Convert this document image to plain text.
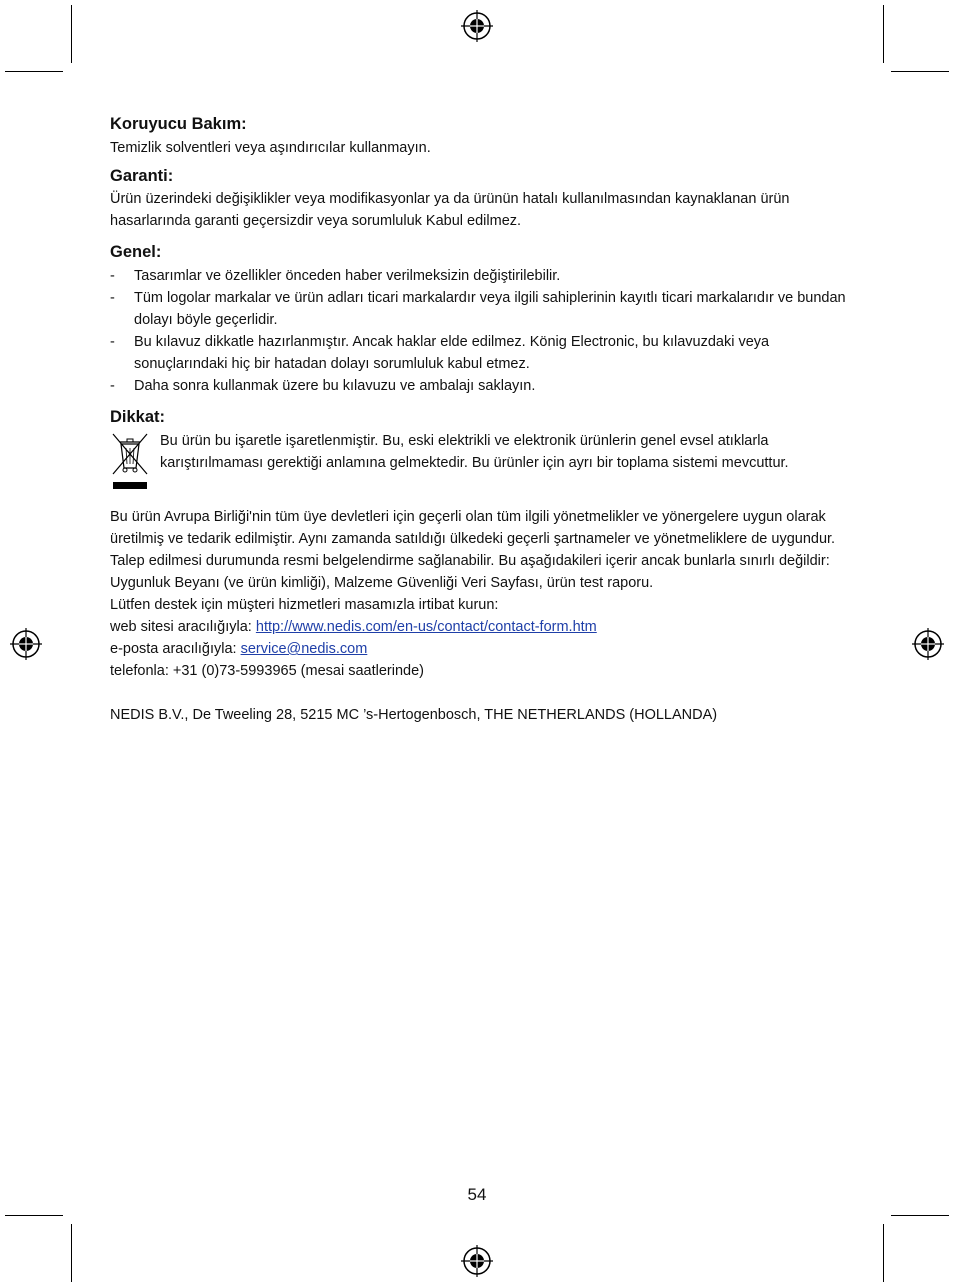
Koruyucu Bakım:

Temizlik solventleri veya aşındırıcılar kullanmayın.

Garanti:

Ürün üzerindeki değişiklikler veya modifikasyonlar ya da ürünün hatalı kullanılmasından kaynaklanan ürün hasarlarında garanti geçersizdir veya sorumluluk Kabul edilmez.

Genel:
- Tasarımlar ve özellikler önceden haber verilmeksizin değiştirilebilir.
- Tüm logolar markalar ve ürün adları ticari markalardır veya ilgili sahiplerinin kayıtlı ticari markalarıdır ve bundan dolayı böyle geçerlidir.
- Bu kılavuz dikkatle hazırlanmıştır. Ancak haklar elde edilmez. König Electronic, bu kılavuzdaki veya sonuçlarındaki hiç bir hatadan dolayı sorumluluk kabul etmez.
- Daha sonra kullanmak üzere bu kılavuzu ve ambalajı saklayın.
Dikkat:

Bu ürün bu işaretle işaretlenmiştir. Bu, eski elektrikli ve elektronik ürünlerin genel evsel atıklarla karıştırılmaması gerektiği anlamına gelmektedir. Bu ürünler için ayrı bir toplama sistemi mevcuttur.

Bu ürün Avrupa Birliği'nin tüm üye devletleri için geçerli olan tüm ilgili yönetmelikler ve yönergelere uygun olarak üretilmiş ve tedarik edilmiştir. Aynı zamanda satıldığı ülkedeki geçerli şartnameler ve yönetmeliklere de uygundur.

Talep edilmesi durumunda resmi belgelendirme sağlanabilir. Bu aşağıdakileri içerir ancak bunlarla sınırlı değildir: Uygunluk Beyanı (ve ürün kimliği), Malzeme Güvenliği Veri Sayfası, ürün test raporu.

Lütfen destek için müşteri hizmetleri masamızla irtibat kurun:

web sitesi aracılığıyla: http://www.nedis.com/en-us/contact/contact-form.htm

e-posta aracılığıyla: service@nedis.com

telefonla: +31 (0)73-5993965 (mesai saatlerinde)

NEDIS B.V., De Tweeling 28, 5215 MC ’s-Hertogenbosch, THE NETHERLANDS (HOLLANDA)

54
